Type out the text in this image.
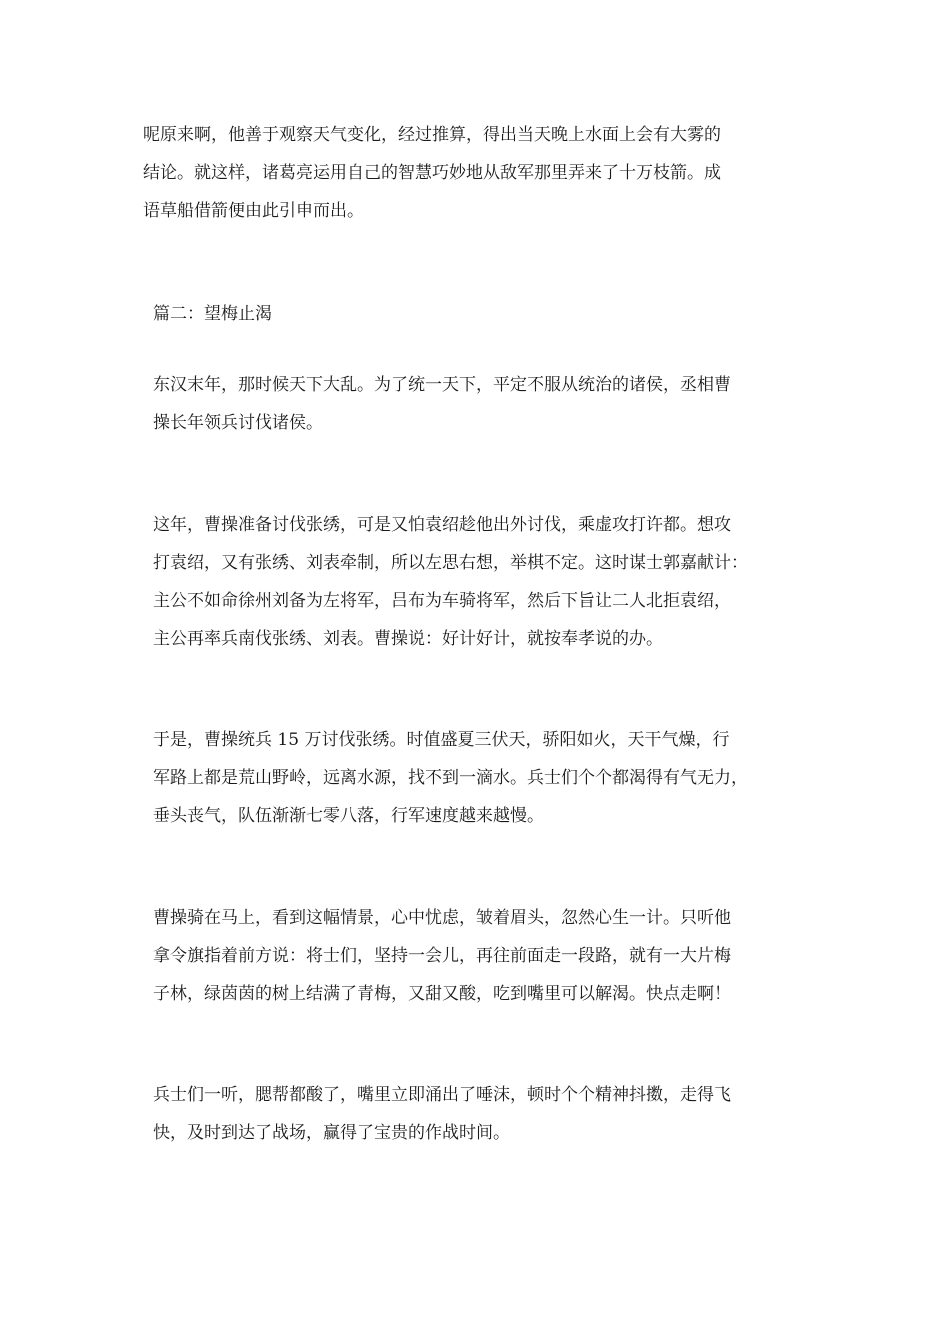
呢原来啊，他善于观察天气变化，经过推算，得出当天晚上水面上会有大雾的
结论。就这样，诸葛亮运用自己的智慧巧妙地从敌军那里弄来了十万枝箭。成
语草船借箭便由此引申而出。
篇二：望梅止渴
东汉末年，那时候天下大乱。为了统一天下，平定不服从统治的诸侯，丞相曹
操长年领兵讨伐诸侯。
这年，曹操准备讨伐张绣，可是又怕袁绍趁他出外讨伐，乘虚攻打许都。想攻
打袁绍，又有张绣、刘表牵制，所以左思右想，举棋不定。这时谋士郭嘉献计：
主公不如命徐州刘备为左将军，吕布为车骑将军，然后下旨让二人北拒袁绍，
主公再率兵南伐张绣、刘表。曹操说：好计好计，就按奉孝说的办。
于是，曹操统兵 15 万讨伐张绣。时值盛夏三伏天，骄阳如火，天干气燥，行
军路上都是荒山野岭，远离水源，找不到一滴水。兵士们个个都渴得有气无力，
垂头丧气，队伍渐渐七零八落，行军速度越来越慢。
曹操骑在马上，看到这幅情景，心中忧虑，皱着眉头，忽然心生一计。只听他
拿令旗指着前方说：将士们，坚持一会儿，再往前面走一段路，就有一大片梅
子林，绿茵茵的树上结满了青梅，又甜又酸，吃到嘴里可以解渴。快点走啊！
兵士们一听，腮帮都酸了，嘴里立即涌出了唾沫，顿时个个精神抖擞，走得飞
快，及时到达了战场，赢得了宝贵的作战时间。
